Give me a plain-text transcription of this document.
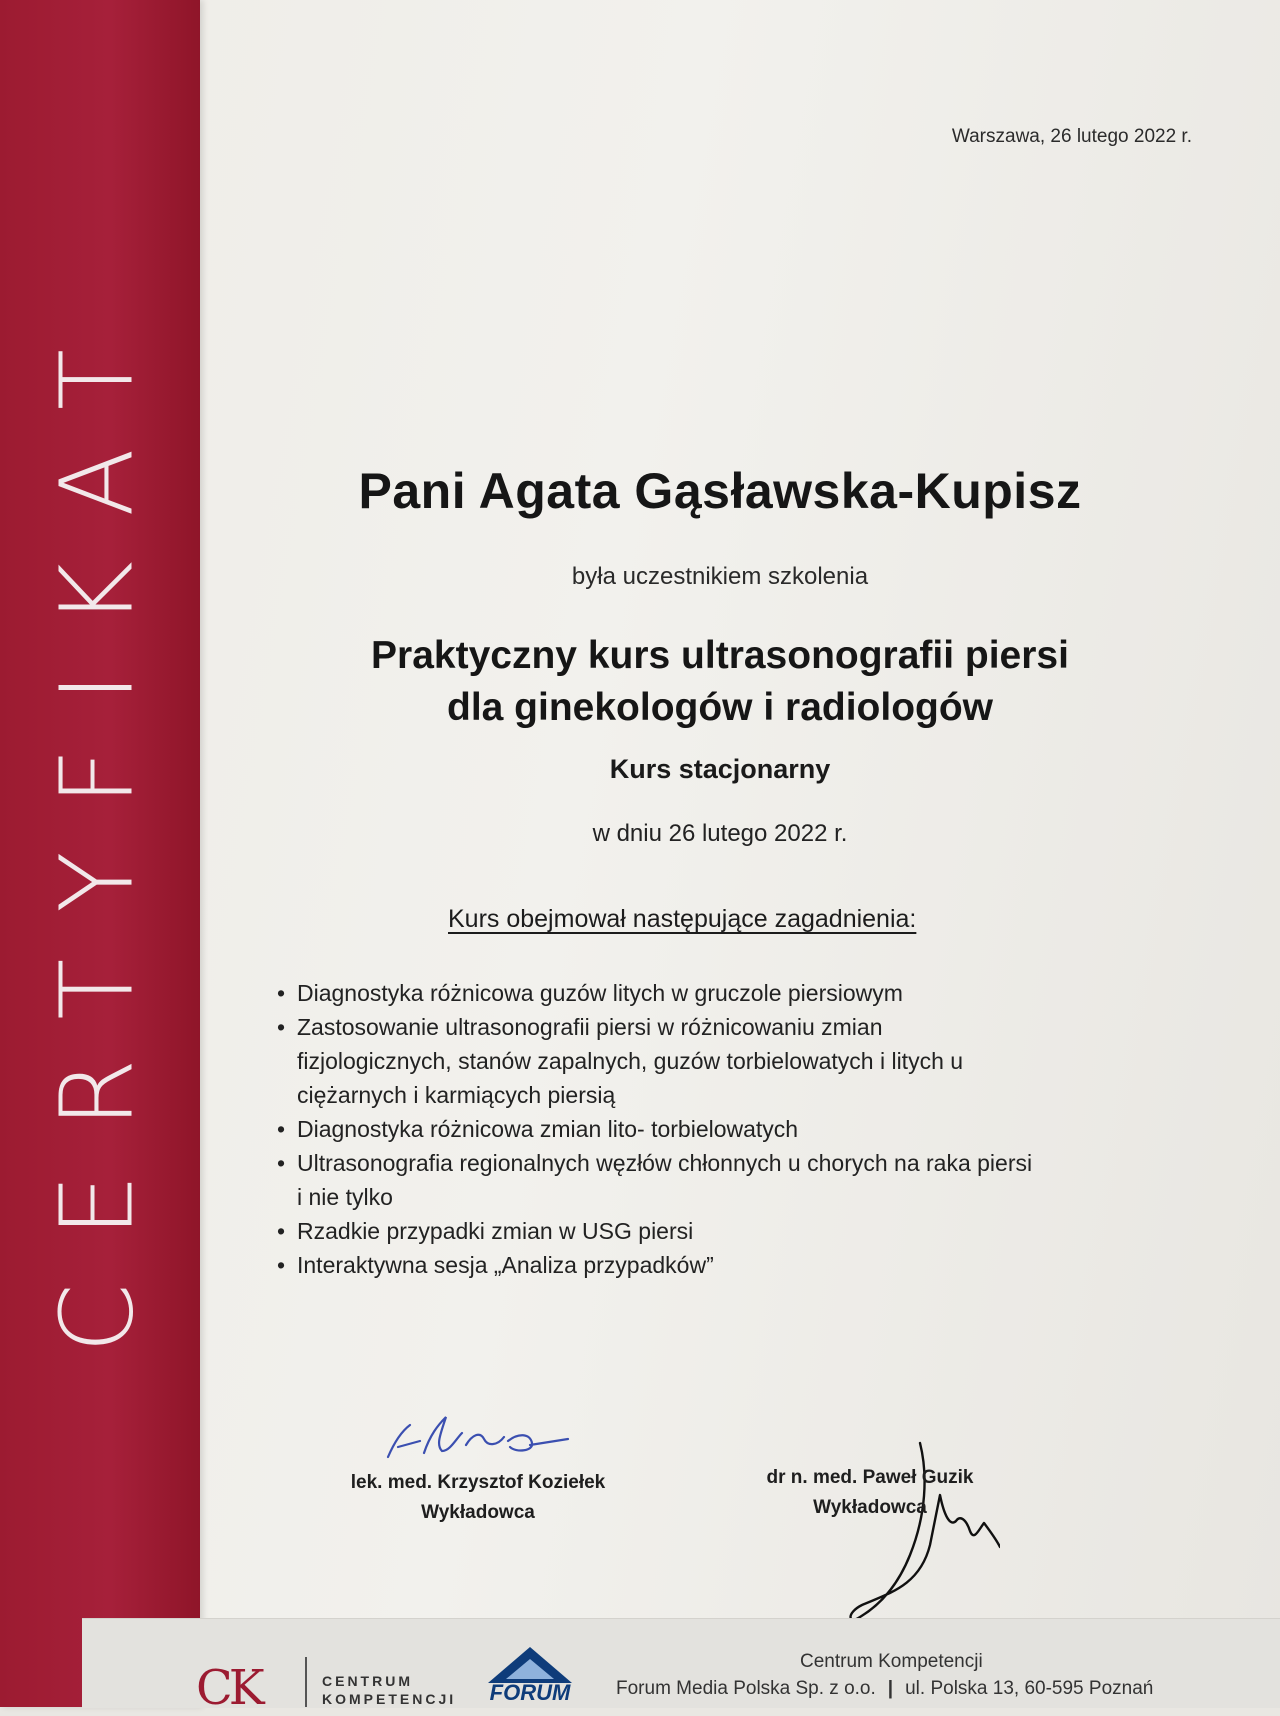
CERTYFIKAT
Warszawa, 26 lutego 2022 r.
Pani Agata Gąsławska-Kupisz
była uczestnikiem szkolenia
Praktyczny kurs ultrasonografii piersi
dla ginekologów i radiologów
Kurs stacjonarny
w dniu 26 lutego 2022 r.
Kurs obejmował następujące zagadnienia:
• Diagnostyka różnicowa guzów litych w gruczole piersiowym
• Zastosowanie ultrasonografii piersi w różnicowaniu zmian fizjologicznych, stanów zapalnych, guzów torbielowatych i litych u ciężarnych i karmiących piersią
• Diagnostyka różnicowa zmian lito- torbielowatych
• Ultrasonografia regionalnych węzłów chłonnych u chorych na raka piersi i nie tylko
• Rzadkie przypadki zmian w USG piersi
• Interaktywna sesja „Analiza przypadków”
lek. med. Krzysztof Koziełek
Wykładowca
dr n. med. Paweł Guzik
Wykładowca
CK	CENTRUM
KOMPETENCJI	FORUM
Centrum Kompetencji
Forum Media Polska Sp. z o.o. | ul. Polska 13, 60-595 Poznań
